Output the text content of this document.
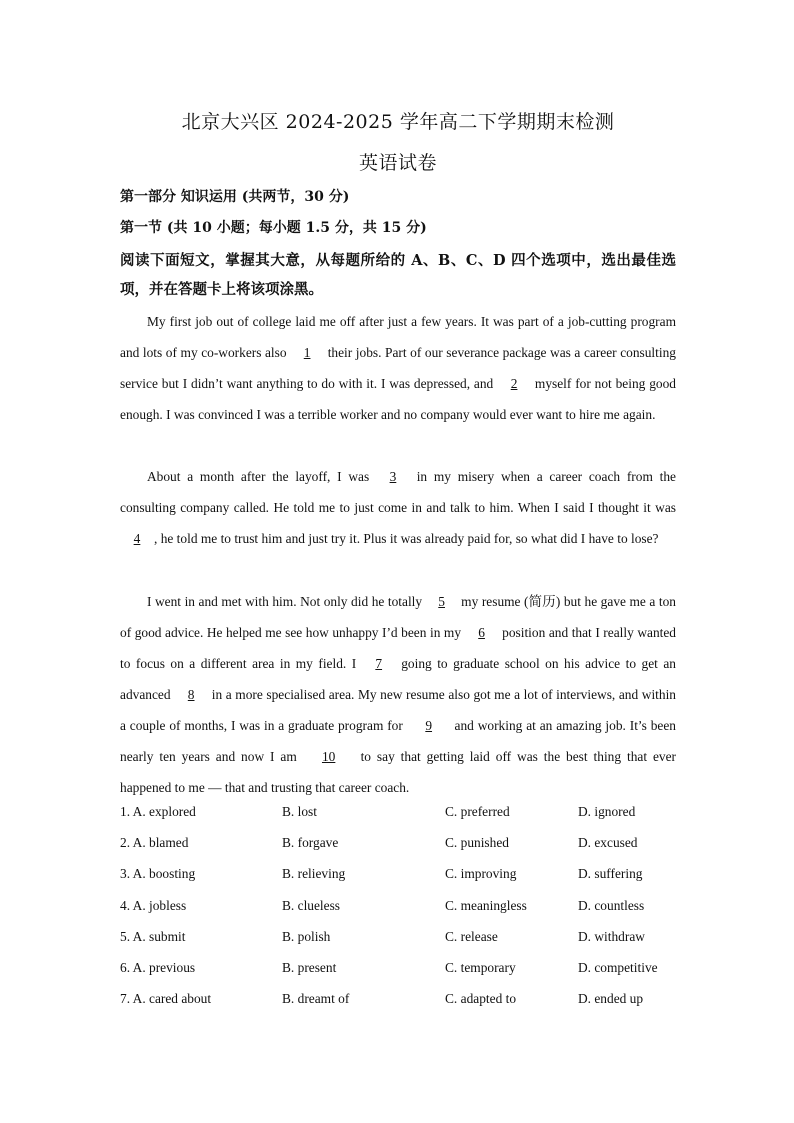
北京大兴区 2024-2025 学年高二下学期期末检测
英语试卷
第一部分 知识运用 (共两节，30 分)
第一节 (共 10 小题；每小题 1.5 分，共 15 分)
阅读下面短文，掌握其大意，从每题所给的 A、B、C、D 四个选项中，选出最佳选项，并在答题卡上将该项涂黑。
My first job out of college laid me off after just a few years. It was part of a job-cutting program and lots of my co-workers also 1 their jobs. Part of our severance package was a career consulting service but I didn’t want anything to do with it. I was depressed, and 2 myself for not being good enough. I was convinced I was a terrible worker and no company would ever want to hire me again.
About a month after the layoff, I was 3 in my misery when a career coach from the consulting company called. He told me to just come in and talk to him. When I said I thought it was 4 , he told me to trust him and just try it. Plus it was already paid for, so what did I have to lose?
I went in and met with him. Not only did he totally 5 my resume (简历) but he gave me a ton of good advice. He helped me see how unhappy I’d been in my 6 position and that I really wanted to focus on a different area in my field. I 7 going to graduate school on his advice to get an advanced 8 in a more specialised area. My new resume also got me a lot of interviews, and within a couple of months, I was in a graduate program for 9 and working at an amazing job. It’s been nearly ten years and now I am 10 to say that getting laid off was the best thing that ever happened to me — that and trusting that career coach.
1. A. explored	B. lost	C. preferred	D. ignored
2. A. blamed	B. forgave	C. punished	D. excused
3. A. boosting	B. relieving	C. improving	D. suffering
4. A. jobless	B. clueless	C. meaningless	D. countless
5. A. submit	B. polish	C. release	D. withdraw
6. A. previous	B. present	C. temporary	D. competitive
7. A. cared about	B. dreamt of	C. adapted to	D. ended up
